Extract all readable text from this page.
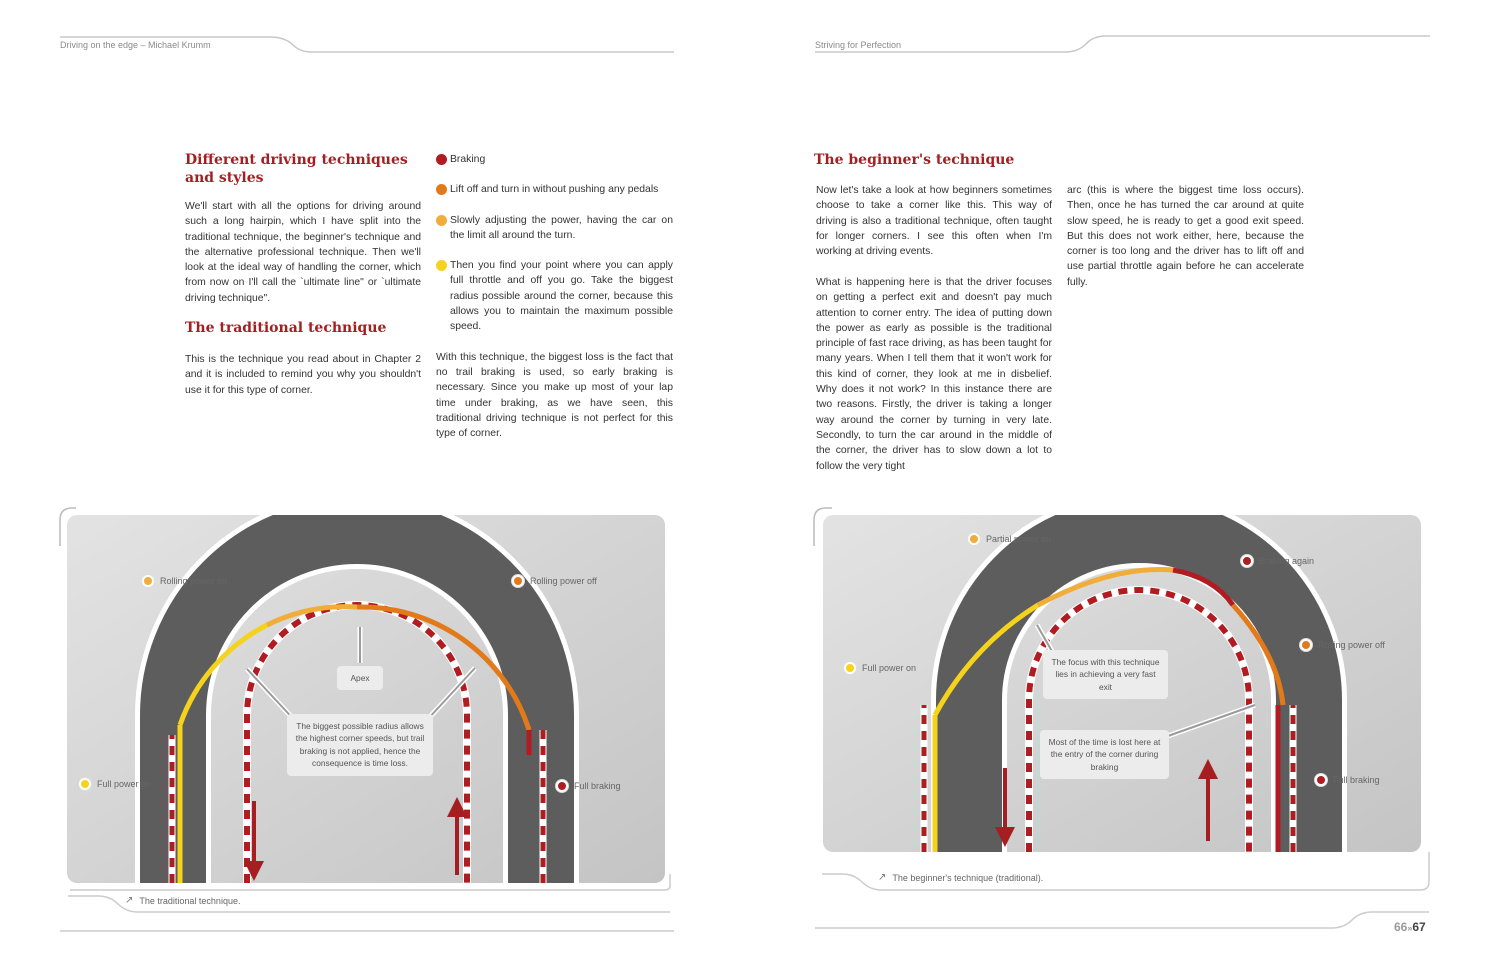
Driving on the edge – Michael Krumm	Striving for Perfection
Different driving techniques and styles
We'll start with all the options for driving around such a long hairpin, which I have split into the traditional technique, the beginner's technique and the alternative professional technique. Then we'll look at the ideal way of handling the corner, which from now on I'll call the `ultimate line" or `ultimate driving technique".
The traditional technique
This is the technique you read about in Chapter 2 and it is included to remind you why you shouldn't use it for this type of corner.
Braking
Lift off and turn in without pushing any pedals
Slowly adjusting the power, having the car on the limit all around the turn.
Then you find your point where you can apply full throttle and off you go. Take the biggest radius possible around the corner, because this allows you to maintain the maximum possible speed.
With this technique, the biggest loss is the fact that no trail braking is used, so early braking is necessary. Since you make up most of your lap time under braking, as we have seen, this traditional driving technique is not perfect for this type of corner.
Rolling power on	Rolling power off
Full power on	Full braking
Apex
The biggest possible radius allows the highest corner speeds, but trail braking is not applied, hence the consequence is time loss.
↗ The traditional technique.
The beginner's technique
Now let's take a look at how beginners sometimes choose to take a corner like this. This way of driving is also a traditional technique, often taught for longer corners. I see this often when I'm working at driving events.
What is happening here is that the driver focuses on getting a perfect exit and doesn't pay much attention to corner entry. The idea of putting down the power as early as possible is the traditional principle of fast race driving, as has been taught for many years. When I tell them that it won't work for this kind of corner, they look at me in disbelief. Why does it not work? In this instance there are two reasons. Firstly, the driver is taking a longer way around the corner by turning in very late. Secondly, to turn the car around in the middle of the corner, the driver has to slow down a lot to follow the very tight
arc (this is where the biggest time loss occurs). Then, once he has turned the car around at quite slow speed, he is ready to get a good exit speed. But this does not work either, here, because the corner is too long and the driver has to lift off and use partial throttle again before he can accelerate fully.
Partial power on
Braking again
Rolling power off
Full power on
Full braking
The focus with this technique lies in achieving a very fast exit
Most of the time is lost here at the entry of the corner during braking
↗ The beginner's technique (traditional).
66»67
